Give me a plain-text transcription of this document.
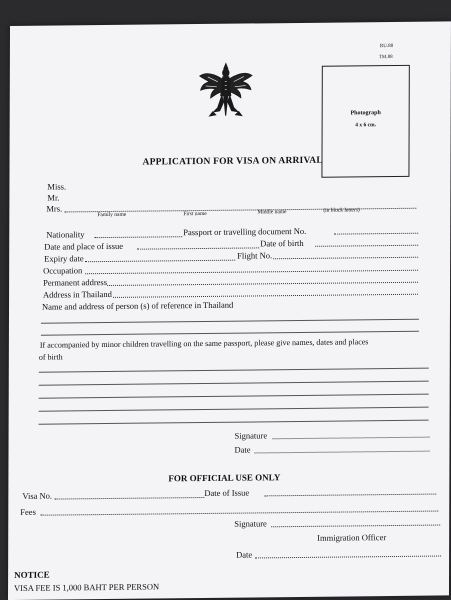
RU.88
TM.88
Photograph
4 x 6 cm.
APPLICATION FOR VISA ON ARRIVAL
Miss.
Mr.
Mrs.
Family name	First name	Middle name	(in block letters)
Nationality	Passport or travelling document No.
Date and place of issue	Date of birth
Expiry date	Flight No.
Occupation
Permanent address
Address in Thailand
Name and address of person (s) of reference in Thailand
If accompanied by minor children travelling on the same passport, please give names, dates and places
of birth
Signature
Date
FOR OFFICIAL USE ONLY
Visa No.	Date of Issue
Fees
Signature
Immigration Officer
Date
NOTICE
VISA FEE IS 1,000 BAHT PER PERSON
